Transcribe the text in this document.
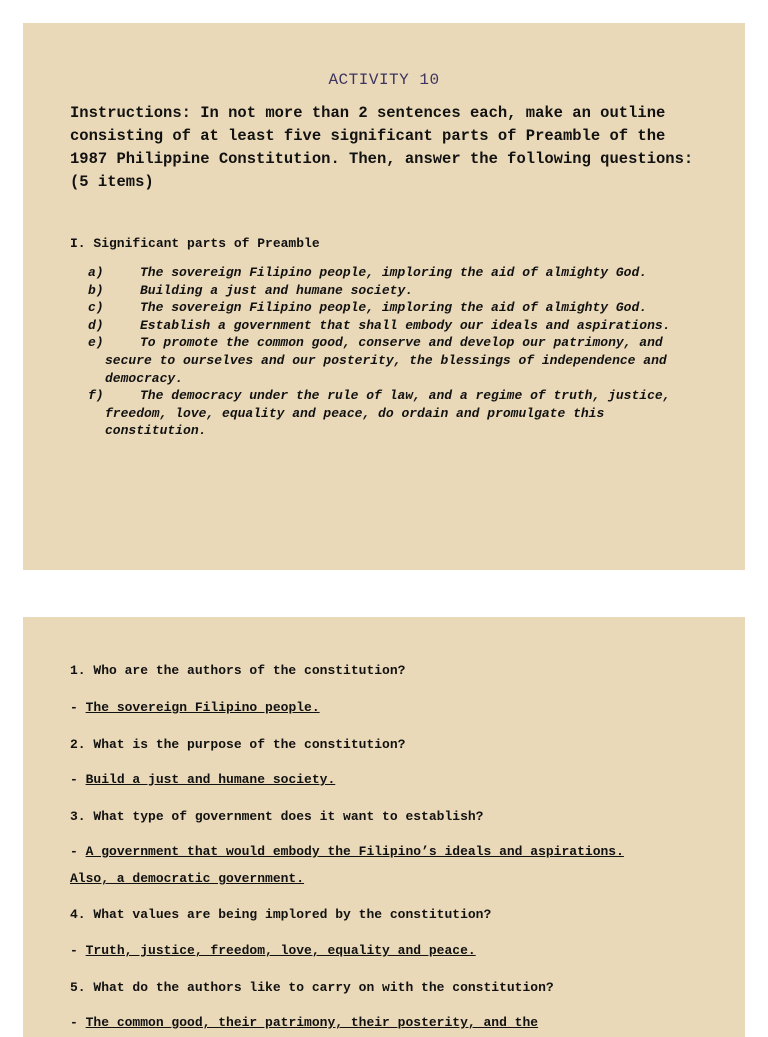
ACTIVITY 10
Instructions: In not more than 2 sentences each, make an outline consisting of at least five significant parts of Preamble of the 1987 Philippine Constitution. Then, answer the following questions: (5 items)
I. Significant parts of Preamble
a)	The sovereign Filipino people, imploring the aid of almighty God.
b)	Building a just and humane society.
c)	The sovereign Filipino people, imploring the aid of almighty God.
d)	Establish a government that shall embody our ideals and aspirations.
e)	To promote the common good, conserve and develop our patrimony, and secure to ourselves and our posterity, the blessings of independence and democracy.
f)	The democracy under the rule of law, and a regime of truth, justice, freedom, love, equality and peace, do ordain and promulgate this constitution.
1. Who are the authors of the constitution?
- The sovereign Filipino people.
2. What is the purpose of the constitution?
- Build a just and humane society.
3. What type of government does it want to establish?
- A government that would embody the Filipino’s ideals and aspirations. Also, a democratic government.
4. What values are being implored by the constitution?
- Truth, justice, freedom, love, equality and peace.
5. What do the authors like to carry on with the constitution?
- The common good, their patrimony, their posterity, and the
